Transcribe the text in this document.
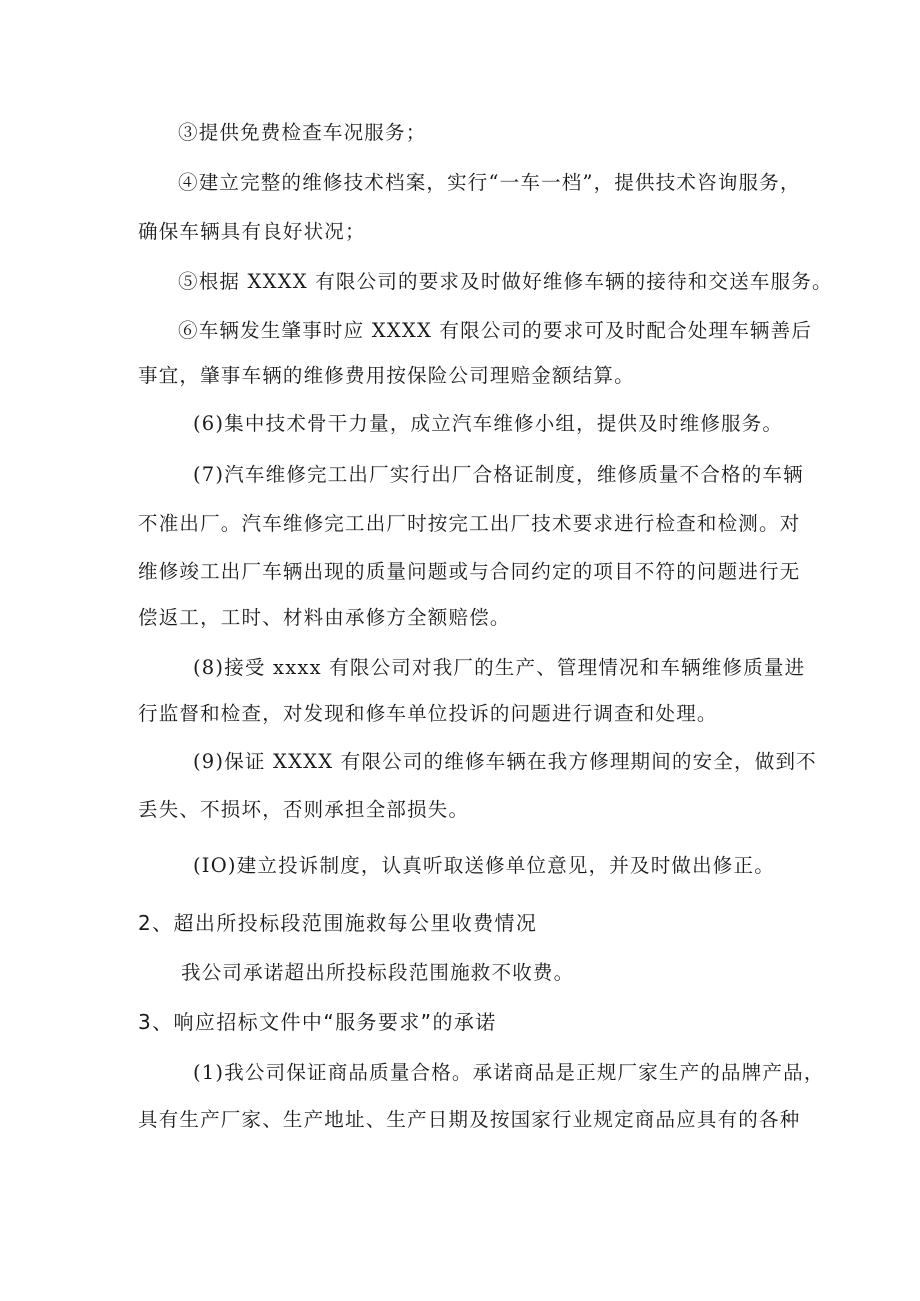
③提供免费检查车况服务；
④建立完整的维修技术档案，实行“一车一档”，提供技术咨询服务，
确保车辆具有良好状况；
⑤根据 XXXX 有限公司的要求及时做好维修车辆的接待和交送车服务。
⑥车辆发生肇事时应 XXXX 有限公司的要求可及时配合处理车辆善后
事宜，肇事车辆的维修费用按保险公司理赔金额结算。
(6)集中技术骨干力量，成立汽车维修小组，提供及时维修服务。
(7)汽车维修完工出厂实行出厂合格证制度，维修质量不合格的车辆
不准出厂。汽车维修完工出厂时按完工出厂技术要求进行检查和检测。对
维修竣工出厂车辆出现的质量问题或与合同约定的项目不符的问题进行无
偿返工，工时、材料由承修方全额赔偿。
(8)接受 xxxx 有限公司对我厂的生产、管理情况和车辆维修质量进
行监督和检查，对发现和修车单位投诉的问题进行调查和处理。
(9)保证 XXXX 有限公司的维修车辆在我方修理期间的安全，做到不
丢失、不损坏，否则承担全部损失。
(IO)建立投诉制度，认真听取送修单位意见，并及时做出修正。
2、超出所投标段范围施救每公里收费情况
我公司承诺超出所投标段范围施救不收费。
3、响应招标文件中“服务要求”的承诺
(1)我公司保证商品质量合格。承诺商品是正规厂家生产的品牌产品，
具有生产厂家、生产地址、生产日期及按国家行业规定商品应具有的各种
